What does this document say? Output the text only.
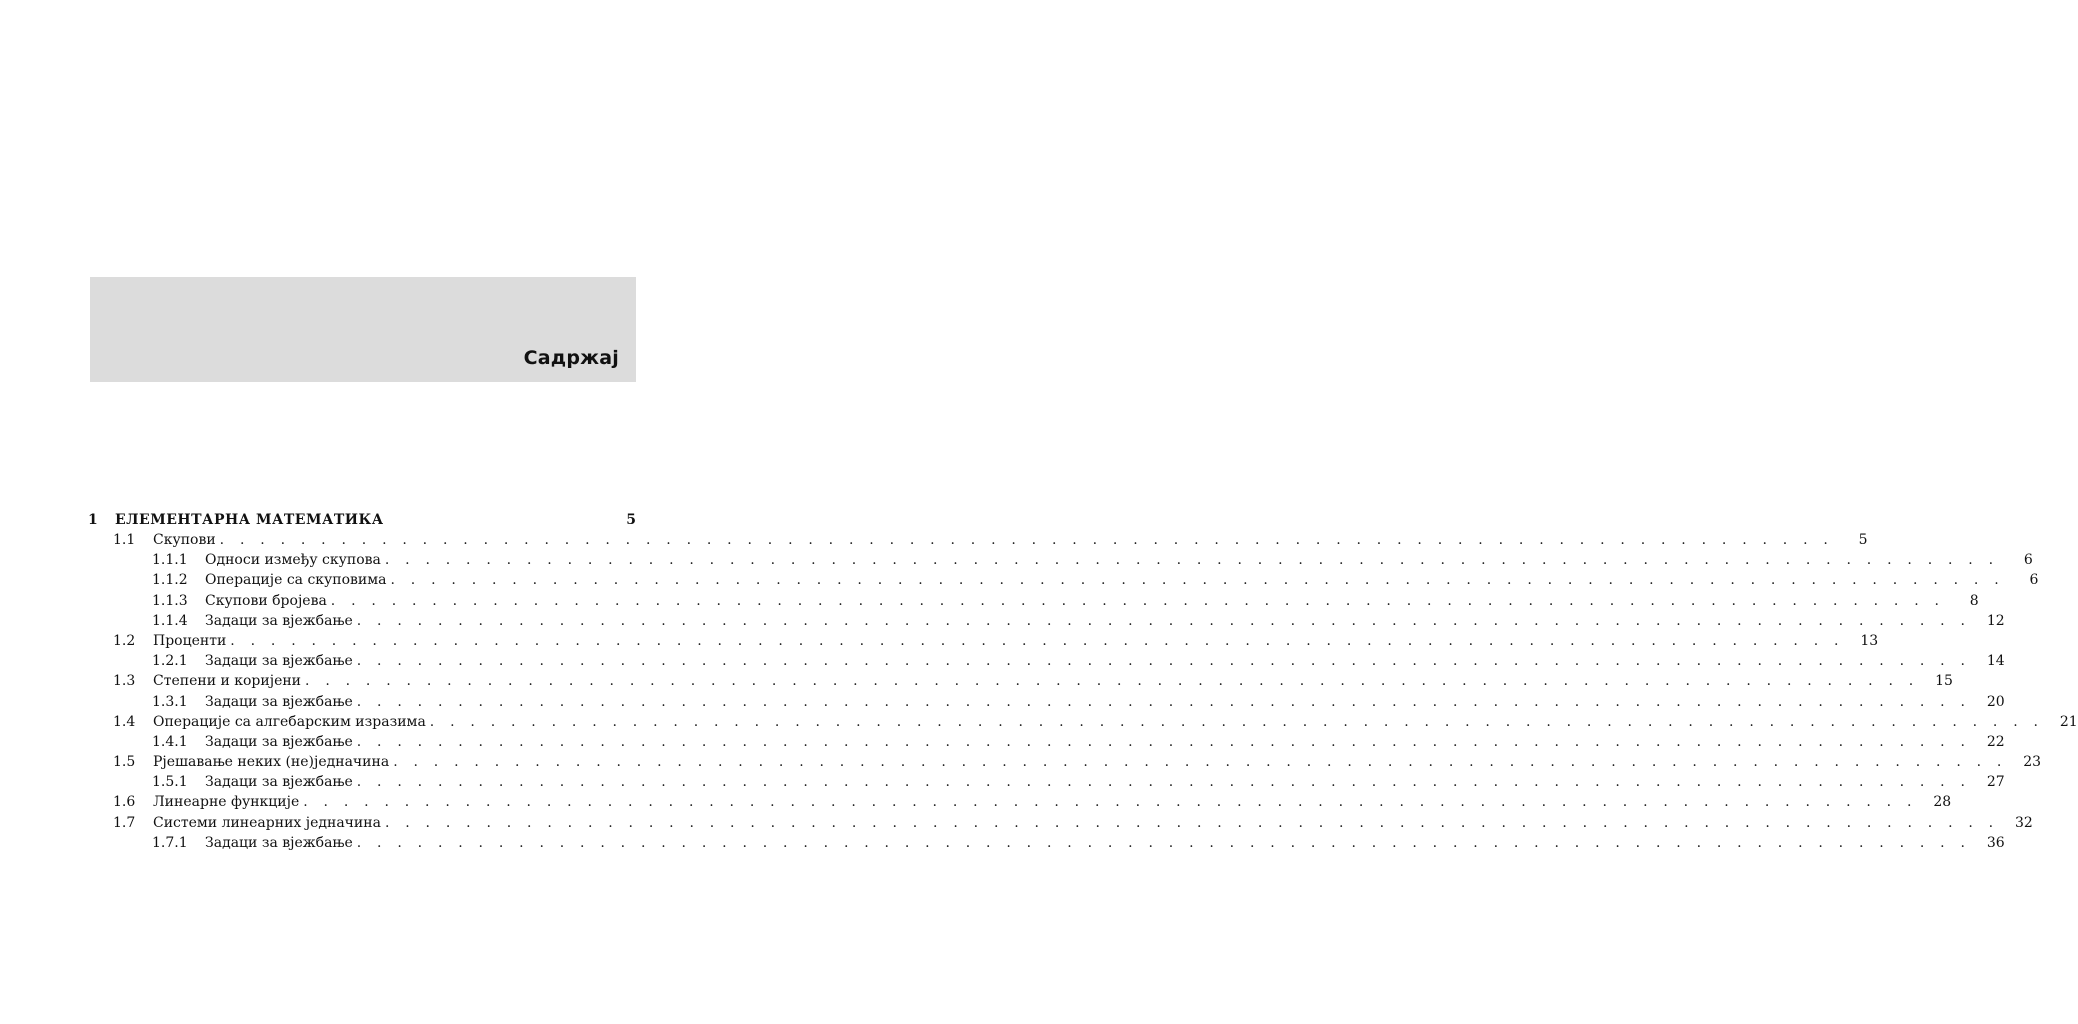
Садржај
1	ЕЛЕМЕНТАРНА МАТЕМАТИКА	5
1.1	Скупови . . . . . . . . . . . . . . . . . . . . . . . . . . . . . . . . . . . . . . . . . . . . . . . . . . . . . . . . . . . . . . . . . . . . . . . . . . . . . . . .	5
1.1.1	Односи између скупова . . . . . . . . . . . . . . . . . . . . . . . . . . . . . . . . . . . . . . . . . . . . . . . . . . . . . . . . . . . . . . . . . . . . . . . . . . . . . . . .	6
1.1.2	Операције са скуповима . . . . . . . . . . . . . . . . . . . . . . . . . . . . . . . . . . . . . . . . . . . . . . . . . . . . . . . . . . . . . . . . . . . . . . . . . . . . . . . .	6
1.1.3	Скупови бројева . . . . . . . . . . . . . . . . . . . . . . . . . . . . . . . . . . . . . . . . . . . . . . . . . . . . . . . . . . . . . . . . . . . . . . . . . . . . . . . .	8
1.1.4	Задаци за вјежбање . . . . . . . . . . . . . . . . . . . . . . . . . . . . . . . . . . . . . . . . . . . . . . . . . . . . . . . . . . . . . . . . . . . . . . . . . . . . . . . .	12
1.2	Проценти . . . . . . . . . . . . . . . . . . . . . . . . . . . . . . . . . . . . . . . . . . . . . . . . . . . . . . . . . . . . . . . . . . . . . . . . . . . . . . . .	13
1.2.1	Задаци за вјежбање . . . . . . . . . . . . . . . . . . . . . . . . . . . . . . . . . . . . . . . . . . . . . . . . . . . . . . . . . . . . . . . . . . . . . . . . . . . . . . . .	14
1.3	Степени и коријени . . . . . . . . . . . . . . . . . . . . . . . . . . . . . . . . . . . . . . . . . . . . . . . . . . . . . . . . . . . . . . . . . . . . . . . . . . . . . . . .	15
1.3.1	Задаци за вјежбање . . . . . . . . . . . . . . . . . . . . . . . . . . . . . . . . . . . . . . . . . . . . . . . . . . . . . . . . . . . . . . . . . . . . . . . . . . . . . . . .	20
1.4	Операције са алгебарским изразима . . . . . . . . . . . . . . . . . . . . . . . . . . . . . . . . . . . . . . . . . . . . . . . . . . . . . . . . . . . . . . . . . . . . . . . . . . . . . . . .	21
1.4.1	Задаци за вјежбање . . . . . . . . . . . . . . . . . . . . . . . . . . . . . . . . . . . . . . . . . . . . . . . . . . . . . . . . . . . . . . . . . . . . . . . . . . . . . . . .	22
1.5	Рјешавање неких (не)једначина . . . . . . . . . . . . . . . . . . . . . . . . . . . . . . . . . . . . . . . . . . . . . . . . . . . . . . . . . . . . . . . . . . . . . . . . . . . . . . . .	23
1.5.1	Задаци за вјежбање . . . . . . . . . . . . . . . . . . . . . . . . . . . . . . . . . . . . . . . . . . . . . . . . . . . . . . . . . . . . . . . . . . . . . . . . . . . . . . . .	27
1.6	Линеарне функције . . . . . . . . . . . . . . . . . . . . . . . . . . . . . . . . . . . . . . . . . . . . . . . . . . . . . . . . . . . . . . . . . . . . . . . . . . . . . . . .	28
1.7	Системи линеарних једначина . . . . . . . . . . . . . . . . . . . . . . . . . . . . . . . . . . . . . . . . . . . . . . . . . . . . . . . . . . . . . . . . . . . . . . . . . . . . . . . .	32
1.7.1	Задаци за вјежбање . . . . . . . . . . . . . . . . . . . . . . . . . . . . . . . . . . . . . . . . . . . . . . . . . . . . . . . . . . . . . . . . . . . . . . . . . . . . . . . .	36
